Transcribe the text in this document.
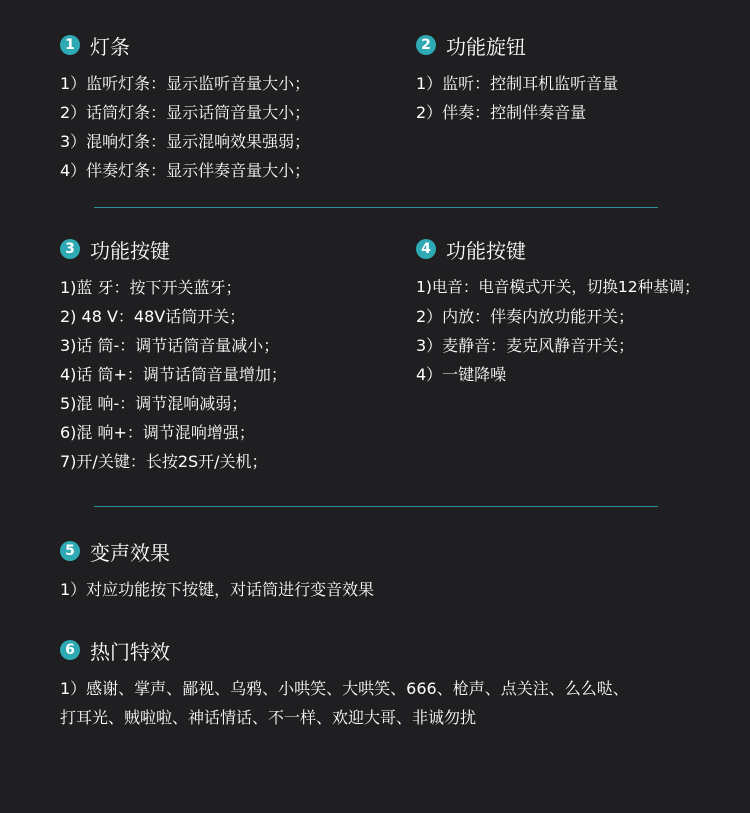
1 灯条
1）监听灯条：显示监听音量大小；
2）话筒灯条：显示话筒音量大小；
3）混响灯条：显示混响效果强弱；
4）伴奏灯条：显示伴奏音量大小；
2 功能旋钮
1）监听：控制耳机监听音量
2）伴奏：控制伴奏音量
3 功能按键
1)蓝 牙：按下开关蓝牙；
2) 48 V：48V话筒开关；
3)话 筒-：调节话筒音量减小；
4)话 筒+：调节话筒音量增加；
5)混 响-：调节混响减弱；
6)混 响+：调节混响增强；
7)开/关键：长按2S开/关机；
4 功能按键
1)电音：电音模式开关，切换12种基调；
2）内放：伴奏内放功能开关；
3）麦静音：麦克风静音开关；
4）一键降噪
5 变声效果
1）对应功能按下按键，对话筒进行变音效果
6 热门特效
1）感谢、掌声、鄙视、乌鸦、小哄笑、大哄笑、666、枪声、点关注、么么哒、
打耳光、贼啦啦、神话情话、不一样、欢迎大哥、非诚勿扰
